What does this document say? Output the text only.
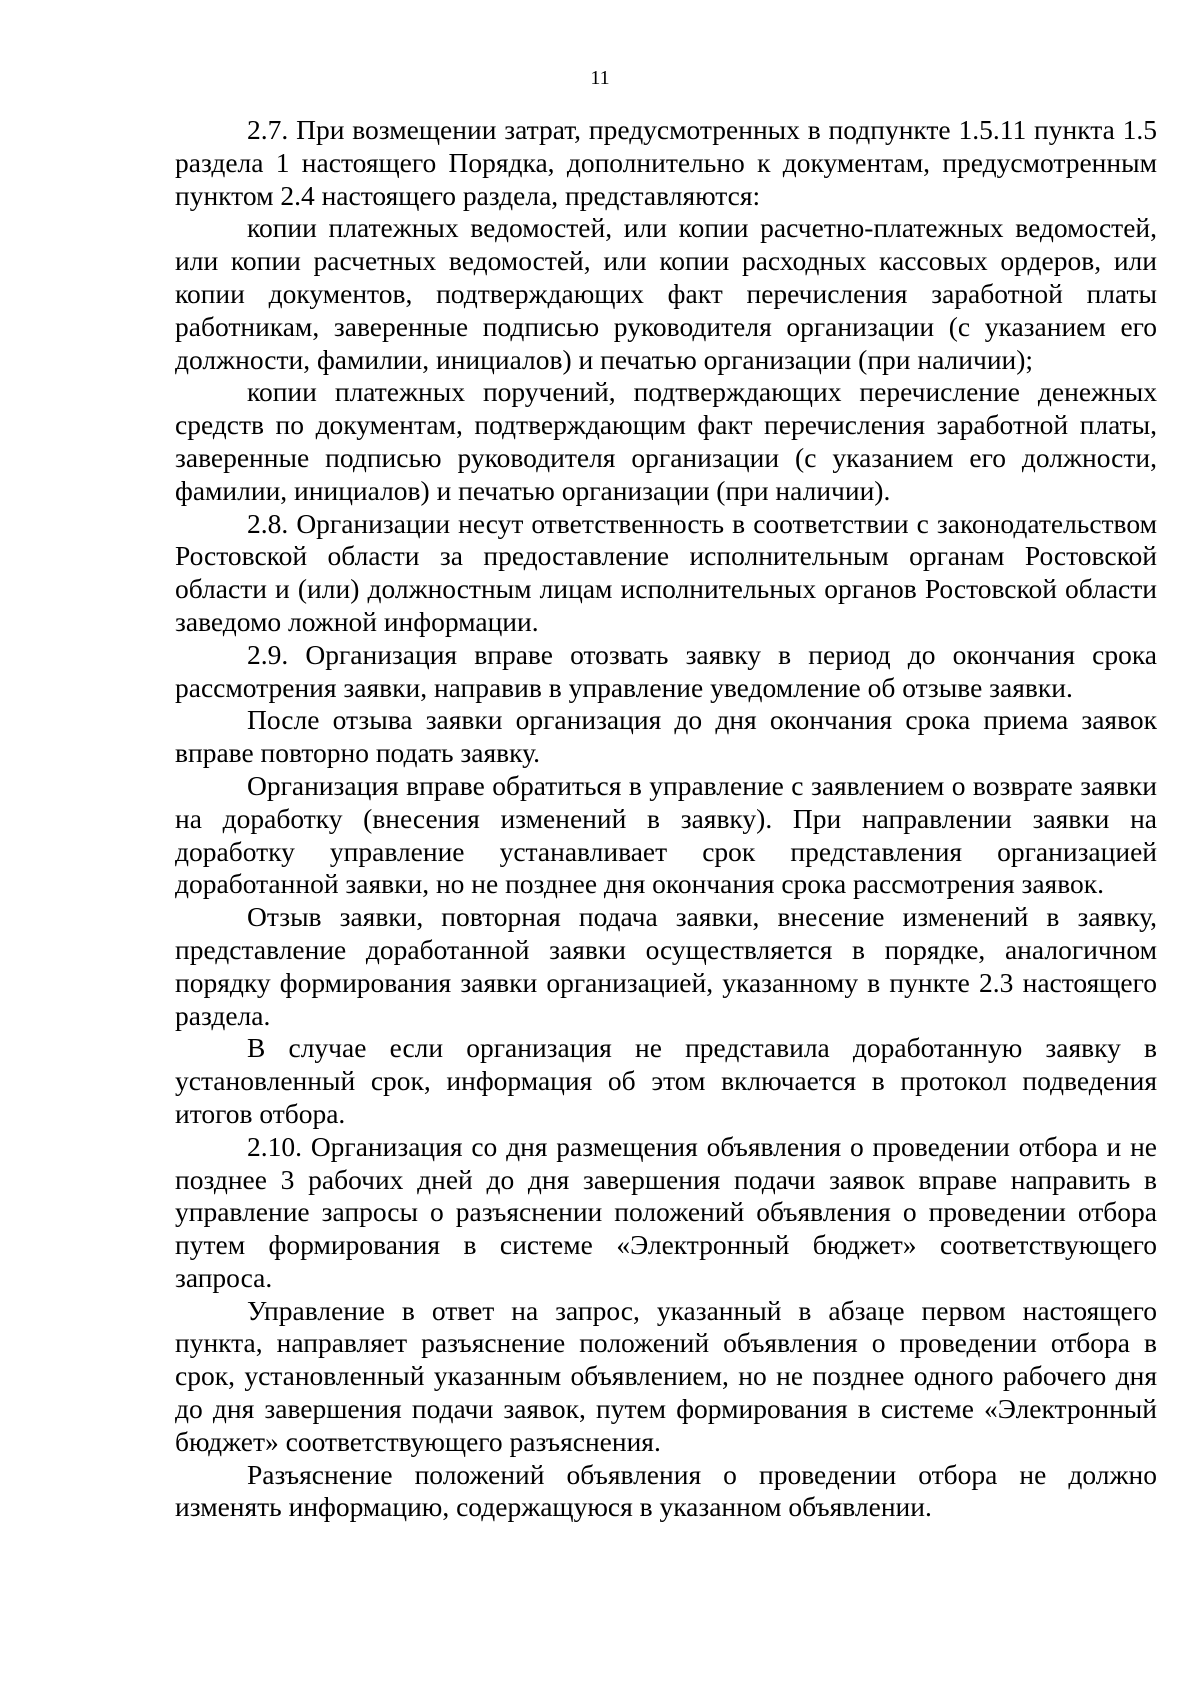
11

2.7. При возмещении затрат, предусмотренных в подпункте 1.5.11 пункта 1.5 раздела 1 настоящего Порядка, дополнительно к документам, предусмотренным пунктом 2.4 настоящего раздела, представляются:

копии платежных ведомостей, или копии расчетно-платежных ведомостей, или копии расчетных ведомостей, или копии расходных кассовых ордеров, или копии документов, подтверждающих факт перечисления заработной платы работникам, заверенные подписью руководителя организации (с указанием его должности, фамилии, инициалов) и печатью организации (при наличии);

копии платежных поручений, подтверждающих перечисление денежных средств по документам, подтверждающим факт перечисления заработной платы, заверенные подписью руководителя организации (с указанием его должности, фамилии, инициалов) и печатью организации (при наличии).

2.8. Организации несут ответственность в соответствии с законодательством Ростовской области за предоставление исполнительным органам Ростовской области и (или) должностным лицам исполнительных органов Ростовской области заведомо ложной информации.

2.9. Организация вправе отозвать заявку в период до окончания срока рассмотрения заявки, направив в управление уведомление об отзыве заявки.

После отзыва заявки организация до дня окончания срока приема заявок вправе повторно подать заявку.

Организация вправе обратиться в управление с заявлением о возврате заявки на доработку (внесения изменений в заявку). При направлении заявки на доработку управление устанавливает срок представления организацией доработанной заявки, но не позднее дня окончания срока рассмотрения заявок.

Отзыв заявки, повторная подача заявки, внесение изменений в заявку, представление доработанной заявки осуществляется в порядке, аналогичном порядку формирования заявки организацией, указанному в пункте 2.3 настоящего раздела.

В случае если организация не представила доработанную заявку в установленный срок, информация об этом включается в протокол подведения итогов отбора.

2.10. Организация со дня размещения объявления о проведении отбора и не позднее 3 рабочих дней до дня завершения подачи заявок вправе направить в управление запросы о разъяснении положений объявления о проведении отбора путем формирования в системе «Электронный бюджет» соответствующего запроса.

Управление в ответ на запрос, указанный в абзаце первом настоящего пункта, направляет разъяснение положений объявления о проведении отбора в срок, установленный указанным объявлением, но не позднее одного рабочего дня до дня завершения подачи заявок, путем формирования в системе «Электронный бюджет» соответствующего разъяснения.

Разъяснение положений объявления о проведении отбора не должно изменять информацию, содержащуюся в указанном объявлении.
